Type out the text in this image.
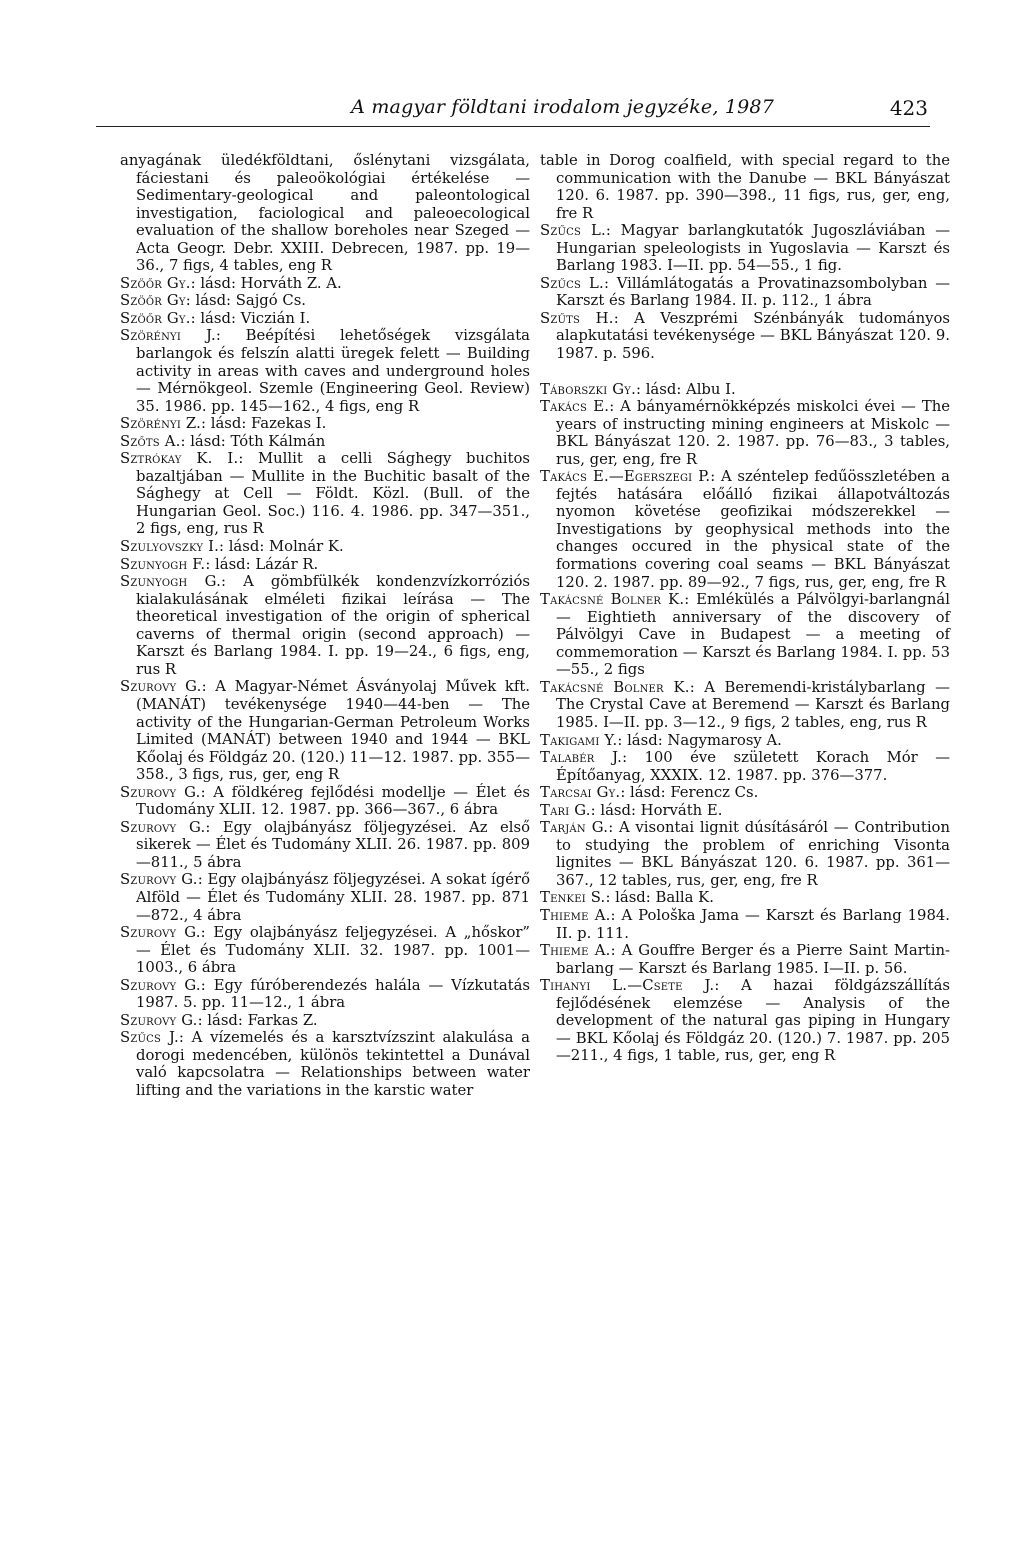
A magyar földtani irodalom jegyzéke, 1987	423

anyagának üledékföldtani, őslénytani vizsgálata, fáciestani és paleoökológiai értékelése — Sedimentary-geological and paleontological investigation, faciological and paleoecological evaluation of the shallow boreholes near Szeged — Acta Geogr. Debr. XXIII. Debrecen, 1987. pp. 19—36., 7 figs, 4 tables, eng R

Szöőr Gy.: lásd: Horváth Z. A.

Szöőr Gy: lásd: Sajgó Cs.

Szöőr Gy.: lásd: Viczián I.

Szörényi J.: Beépítési lehetőségek vizsgálata barlangok és felszín alatti üregek felett — Building activity in areas with caves and underground holes — Mérnökgeol. Szemle (Engineering Geol. Review) 35. 1986. pp. 145—162., 4 figs, eng R

Szörényi Z.: lásd: Fazekas I.

Szőts A.: lásd: Tóth Kálmán

Sztrókay K. I.: Mullit a celli Sághegy buchitos bazaltjában — Mullite in the Buchitic basalt of the Sághegy at Cell — Földt. Közl. (Bull. of the Hungarian Geol. Soc.) 116. 4. 1986. pp. 347—351., 2 figs, eng, rus R

Szulyovszky I.: lásd: Molnár K.

Szunyogh F.: lásd: Lázár R.

Szunyogh G.: A gömbfülkék kondenzvízkorróziós kialakulásának elméleti fizikai leírása — The theoretical investigation of the origin of spherical caverns of thermal origin (second approach) — Karszt és Barlang 1984. I. pp. 19—24., 6 figs, eng, rus R

Szurovy G.: A Magyar-Német Ásványolaj Művek kft. (MANÁT) tevékenysége 1940—44-ben — The activity of the Hungarian-German Petroleum Works Limited (MANÁT) between 1940 and 1944 — BKL Kőolaj és Földgáz 20. (120.) 11—12. 1987. pp. 355—358., 3 figs, rus, ger, eng R

Szurovy G.: A földkéreg fejlődési modellje — Élet és Tudomány XLII. 12. 1987. pp. 366—367., 6 ábra

Szurovy G.: Egy olajbányász följegyzései. Az első sikerek — Élet és Tudomány XLII. 26. 1987. pp. 809—811., 5 ábra

Szurovy G.: Egy olajbányász följegyzései. A sokat ígérő Alföld — Élet és Tudomány XLII. 28. 1987. pp. 871—872., 4 ábra

Szurovy G.: Egy olajbányász feljegyzései. A „hőskor” — Élet és Tudomány XLII. 32. 1987. pp. 1001—1003., 6 ábra

Szurovy G.: Egy fúróberendezés halála — Vízkutatás 1987. 5. pp. 11—12., 1 ábra

Szurovy G.: lásd: Farkas Z.

Szűcs J.: A vízemelés és a karsztvízszint alakulása a dorogi medencében, különös tekintettel a Dunával való kapcsolatra — Relationships between water lifting and the variations in the karstic water

table in Dorog coalfield, with special regard to the communication with the Danube — BKL Bányászat 120. 6. 1987. pp. 390—398., 11 figs, rus, ger, eng, fre R

Szűcs L.: Magyar barlangkutatók Jugoszláviában — Hungarian speleologists in Yugoslavia — Karszt és Barlang 1983. I—II. pp. 54—55., 1 fig.

Szűcs L.: Villámlátogatás a Provatinazsombolyban — Karszt és Barlang 1984. II. p. 112., 1 ábra

Szűts H.: A Veszprémi Szénbányák tudományos alapkutatási tevékenysége — BKL Bányászat 120. 9. 1987. p. 596.

Táborszki Gy.: lásd: Albu I.

Takács E.: A bányamérnökképzés miskolci évei — The years of instructing mining engineers at Miskolc — BKL Bányászat 120. 2. 1987. pp. 76—83., 3 tables, rus, ger, eng, fre R

Takács E.—Egerszegi P.: A széntelep fedűösszletében a fejtés hatására előálló fizikai állapotváltozás nyomon követése geofizikai módszerekkel — Investigations by geophysical methods into the changes occured in the physical state of the formations covering coal seams — BKL Bányászat 120. 2. 1987. pp. 89—92., 7 figs, rus, ger, eng, fre R

Takácsné Bolner K.: Emlékülés a Pálvölgyi-barlangnál — Eightieth anniversary of the discovery of Pálvölgyi Cave in Budapest — a meeting of commemoration — Karszt és Barlang 1984. I. pp. 53—55., 2 figs

Takácsné Bolner K.: A Beremendi-kristálybarlang — The Crystal Cave at Beremend — Karszt és Barlang 1985. I—II. pp. 3—12., 9 figs, 2 tables, eng, rus R

Takigami Y.: lásd: Nagymarosy A.

Talabér J.: 100 éve született Korach Mór — Építőanyag, XXXIX. 12. 1987. pp. 376—377.

Tarcsai Gy.: lásd: Ferencz Cs.

Tari G.: lásd: Horváth E.

Tarján G.: A visontai lignit dúsításáról — Contribution to studying the problem of enriching Visonta lignites — BKL Bányászat 120. 6. 1987. pp. 361—367., 12 tables, rus, ger, eng, fre R

Tenkei S.: lásd: Balla K.

Thieme A.: A Pološka Jama — Karszt és Barlang 1984. II. p. 111.

Thieme A.: A Gouffre Berger és a Pierre Saint Martin-barlang — Karszt és Barlang 1985. I—II. p. 56.

Tihanyi L.—Csete J.: A hazai földgázszállítás fejlődésének elemzése — Analysis of the development of the natural gas piping in Hungary — BKL Kőolaj és Földgáz 20. (120.) 7. 1987. pp. 205—211., 4 figs, 1 table, rus, ger, eng R
